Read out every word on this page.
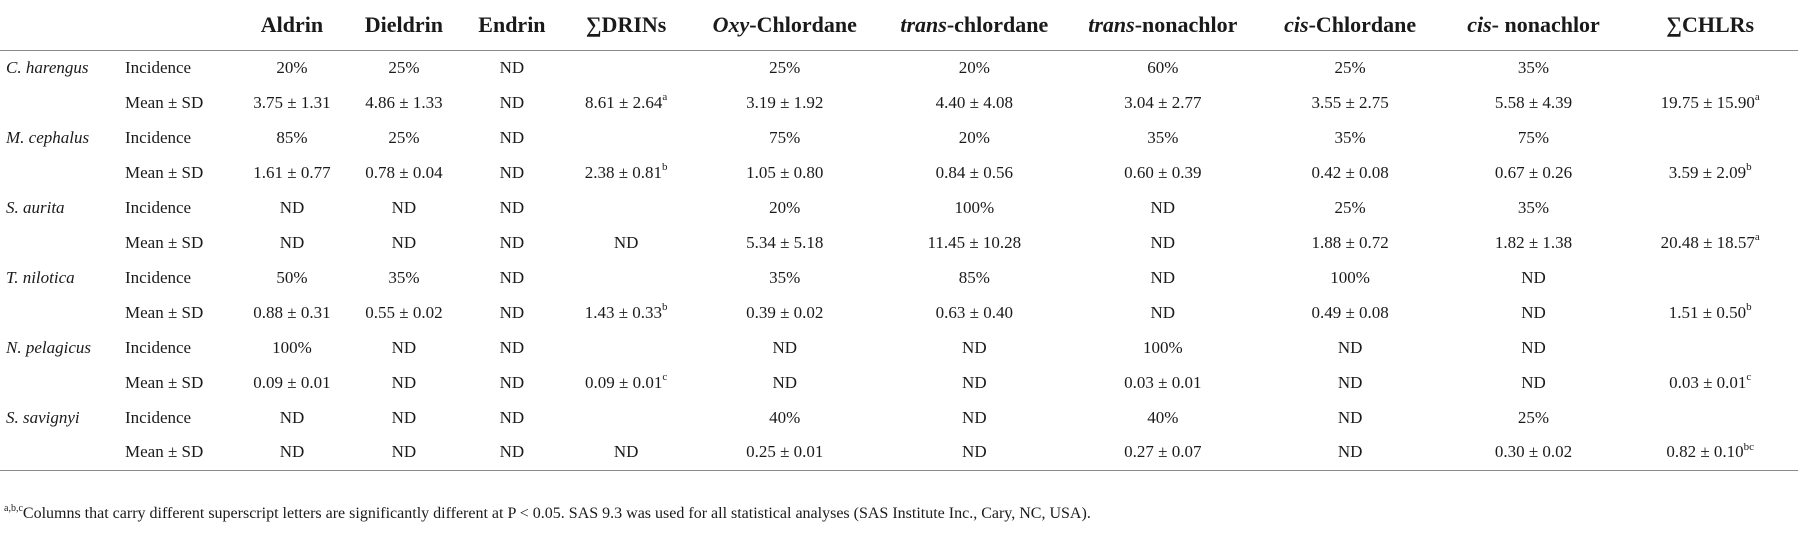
		Aldrin	Dieldrin	Endrin	∑DRINs	Oxy-Chlordane	trans-chlordane	trans-nonachlor	cis-Chlordane	cis- nonachlor	∑CHLRs
C. harengus	Incidence	20%	25%	ND		25%	20%	60%	25%	35%	
	Mean ± SD	3.75 ± 1.31	4.86 ± 1.33	ND	8.61 ± 2.64$^a$	3.19 ± 1.92	4.40 ± 4.08	3.04 ± 2.77	3.55 ± 2.75	5.58 ± 4.39	19.75 ± 15.90$^a$
M. cephalus	Incidence	85%	25%	ND		75%	20%	35%	35%	75%	
	Mean ± SD	1.61 ± 0.77	0.78 ± 0.04	ND	2.38 ± 0.81$^b$	1.05 ± 0.80	0.84 ± 0.56	0.60 ± 0.39	0.42 ± 0.08	0.67 ± 0.26	3.59 ± 2.09$^b$
S. aurita	Incidence	ND	ND	ND		20%	100%	ND	25%	35%	
	Mean ± SD	ND	ND	ND	ND	5.34 ± 5.18	11.45 ± 10.28	ND	1.88 ± 0.72	1.82 ± 1.38	20.48 ± 18.57$^a$
T. nilotica	Incidence	50%	35%	ND		35%	85%	ND	100%	ND	
	Mean ± SD	0.88 ± 0.31	0.55 ± 0.02	ND	1.43 ± 0.33$^b$	0.39 ± 0.02	0.63 ± 0.40	ND	0.49 ± 0.08	ND	1.51 ± 0.50$^b$
N. pelagicus	Incidence	100%	ND	ND		ND	ND	100%	ND	ND	
	Mean ± SD	0.09 ± 0.01	ND	ND	0.09 ± 0.01$^c$	ND	ND	0.03 ± 0.01	ND	ND	0.03 ± 0.01$^c$
S. savignyi	Incidence	ND	ND	ND		40%	ND	40%	ND	25%	
	Mean ± SD	ND	ND	ND	ND	0.25 ± 0.01	ND	0.27 ± 0.07	ND	0.30 ± 0.02	0.82 ± 0.10$^{bc}$
$^{a,b,c}$Columns that carry different superscript letters are significantly different at P < 0.05. SAS 9.3 was used for all statistical analyses (SAS Institute Inc., Cary, NC, USA).
